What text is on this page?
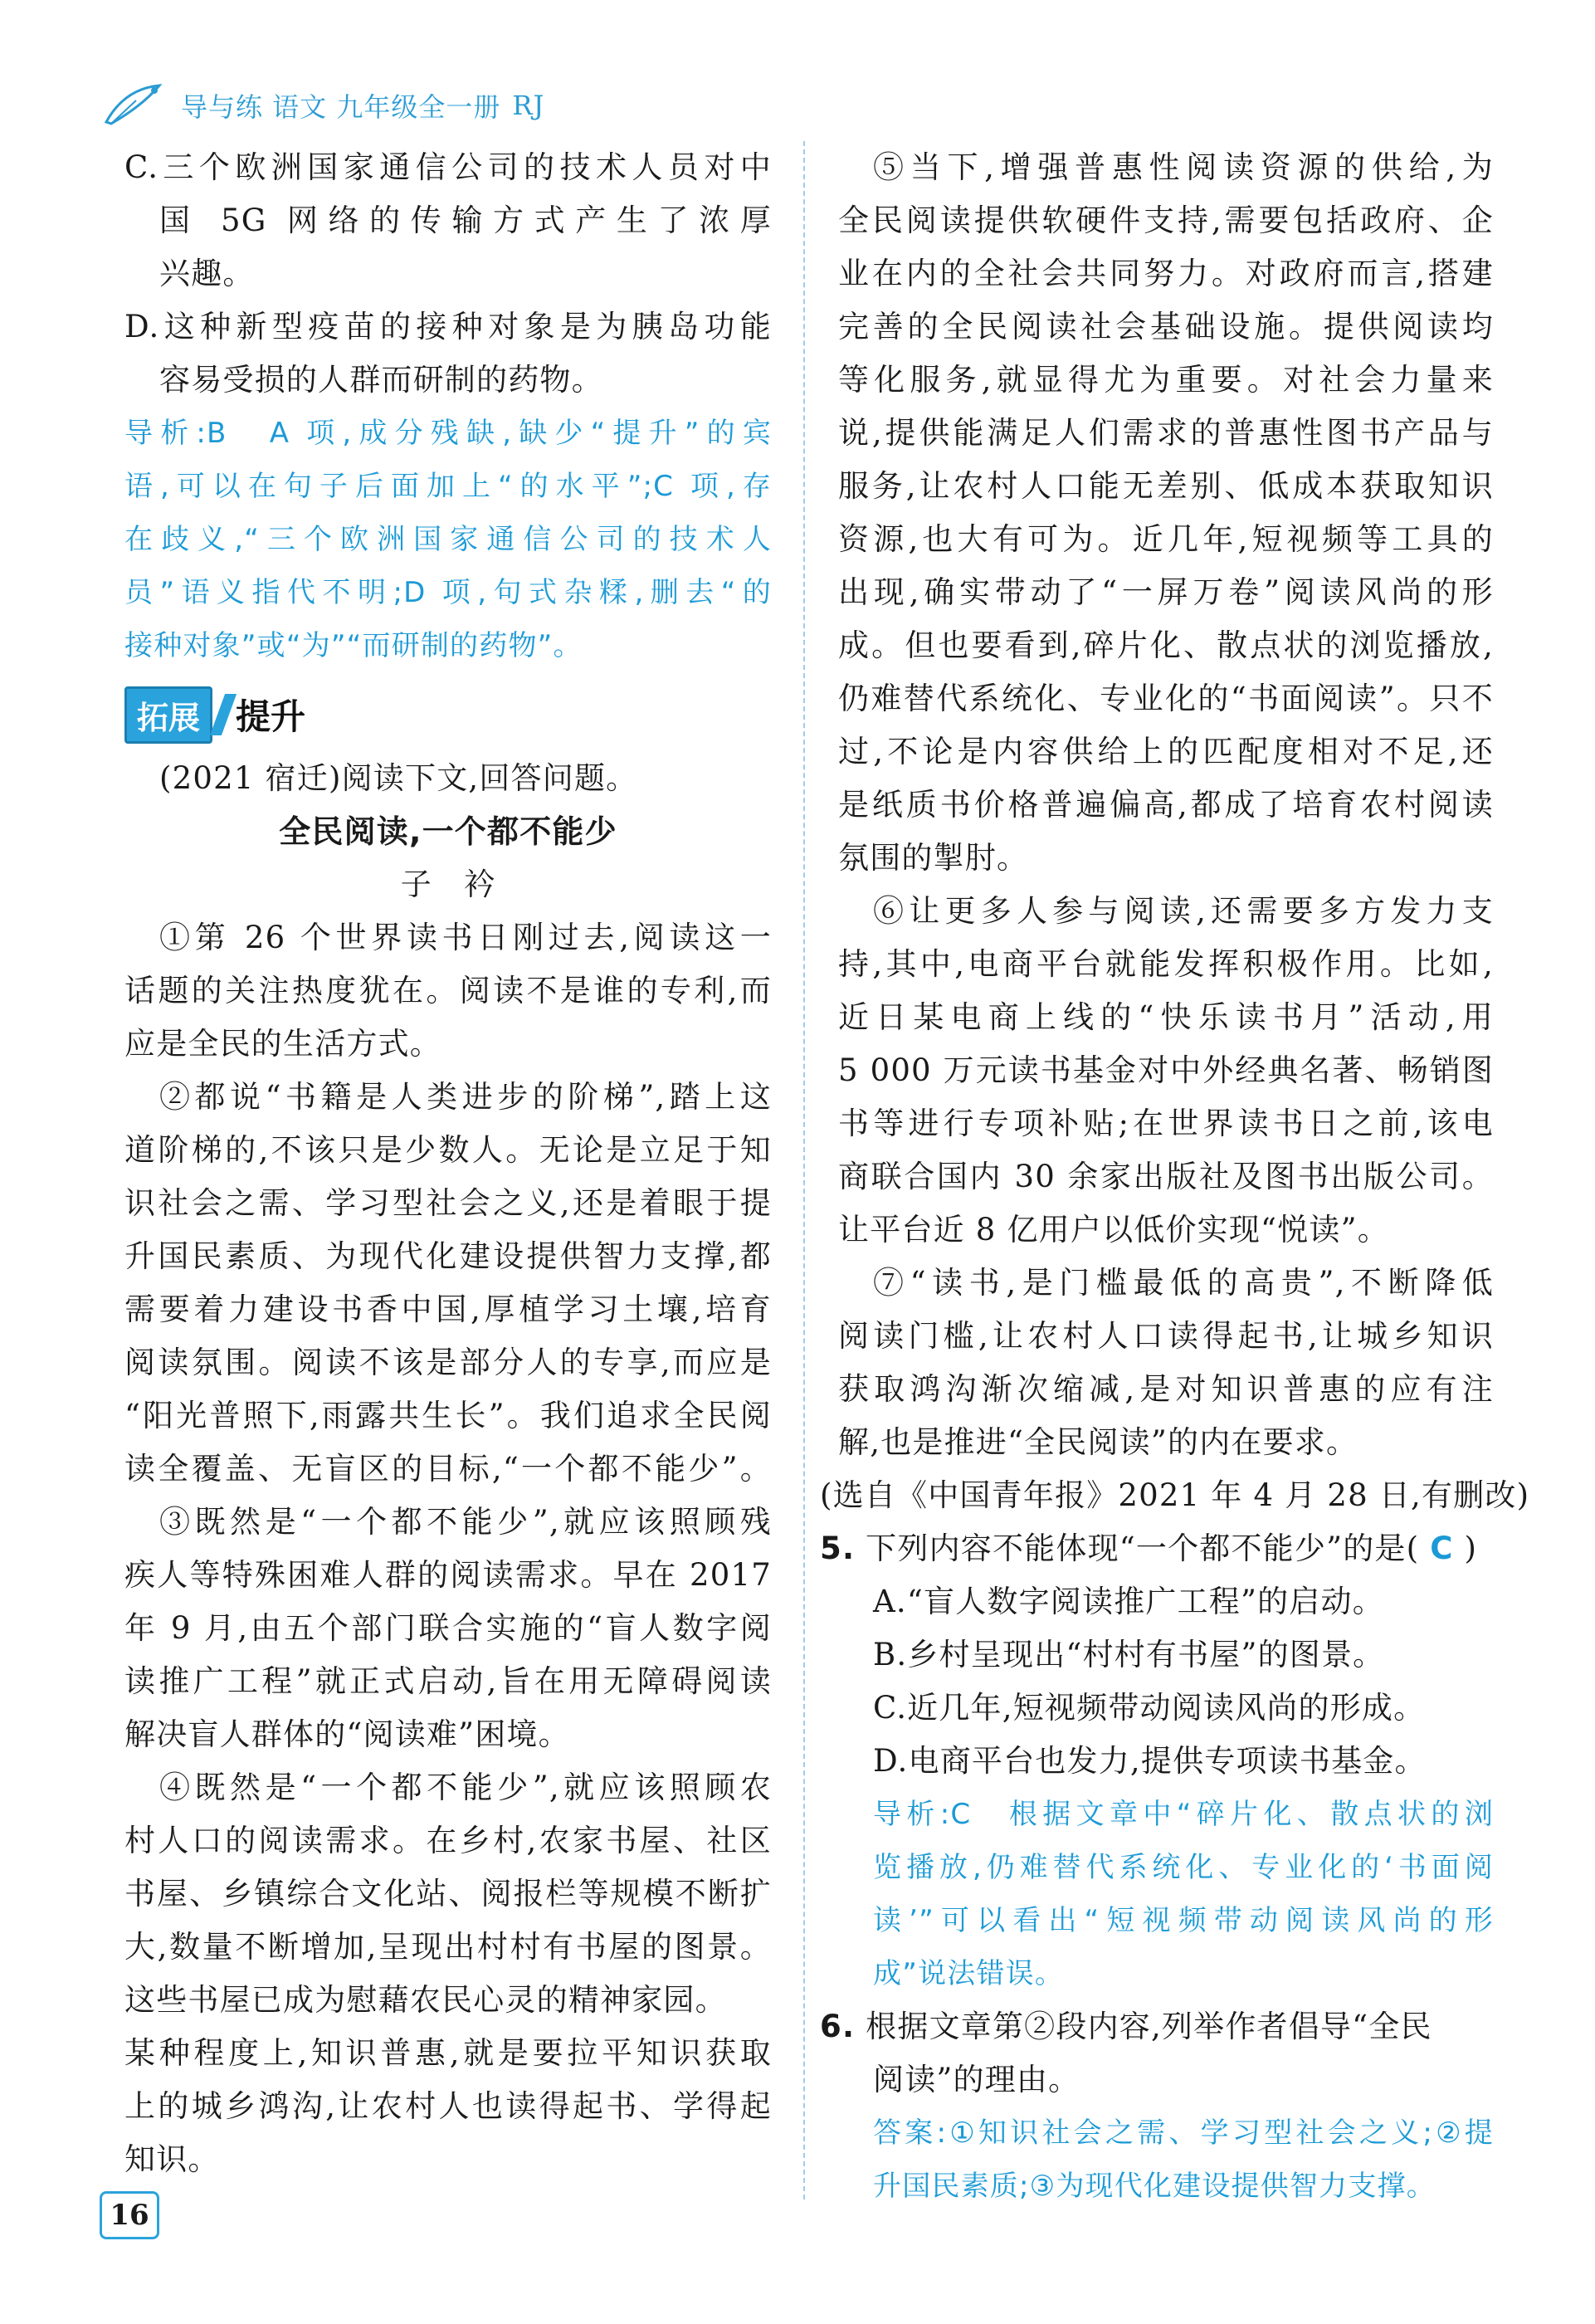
导与练 语文 九年级全一册 RJ
C.三个欧洲国家通信公司的技术人员对中
国 5G 网络的传输方式产生了浓厚
兴趣。
D.这种新型疫苗的接种对象是为胰岛功能
容易受损的人群而研制的药物。
导析:B　A 项,成分残缺,缺少“提升”的宾
语,可以在句子后面加上“的水平”;C 项,存
在歧义,“三个欧洲国家通信公司的技术人
员”语义指代不明;D 项,句式杂糅,删去“的
接种对象”或“为”“而研制的药物”。
拓展	提升
(2021 宿迁)阅读下文,回答问题。
全民阅读,一个都不能少
子　衿
①第 26 个世界读书日刚过去,阅读这一
话题的关注热度犹在。阅读不是谁的专利,而
应是全民的生活方式。
②都说“书籍是人类进步的阶梯”,踏上这
道阶梯的,不该只是少数人。无论是立足于知
识社会之需、学习型社会之义,还是着眼于提
升国民素质、为现代化建设提供智力支撑,都
需要着力建设书香中国,厚植学习土壤,培育
阅读氛围。阅读不该是部分人的专享,而应是
“阳光普照下,雨露共生长”。我们追求全民阅
读全覆盖、无盲区的目标,“一个都不能少”。
③既然是“一个都不能少”,就应该照顾残
疾人等特殊困难人群的阅读需求。早在 2017
年 9 月,由五个部门联合实施的“盲人数字阅
读推广工程”就正式启动,旨在用无障碍阅读
解决盲人群体的“阅读难”困境。
④既然是“一个都不能少”,就应该照顾农
村人口的阅读需求。在乡村,农家书屋、社区
书屋、乡镇综合文化站、阅报栏等规模不断扩
大,数量不断增加,呈现出村村有书屋的图景。
这些书屋已成为慰藉农民心灵的精神家园。
某种程度上,知识普惠,就是要拉平知识获取
上的城乡鸿沟,让农村人也读得起书、学得起
知识。
⑤当下,增强普惠性阅读资源的供给,为
全民阅读提供软硬件支持,需要包括政府、企
业在内的全社会共同努力。对政府而言,搭建
完善的全民阅读社会基础设施。提供阅读均
等化服务,就显得尤为重要。对社会力量来
说,提供能满足人们需求的普惠性图书产品与
服务,让农村人口能无差别、低成本获取知识
资源,也大有可为。近几年,短视频等工具的
出现,确实带动了“一屏万卷”阅读风尚的形
成。但也要看到,碎片化、散点状的浏览播放,
仍难替代系统化、专业化的“书面阅读”。只不
过,不论是内容供给上的匹配度相对不足,还
是纸质书价格普遍偏高,都成了培育农村阅读
氛围的掣肘。
⑥让更多人参与阅读,还需要多方发力支
持,其中,电商平台就能发挥积极作用。比如,
近日某电商上线的“快乐读书月”活动,用
5 000 万元读书基金对中外经典名著、畅销图
书等进行专项补贴;在世界读书日之前,该电
商联合国内 30 余家出版社及图书出版公司。
让平台近 8 亿用户以低价实现“悦读”。
⑦“读书,是门槛最低的高贵”,不断降低
阅读门槛,让农村人口读得起书,让城乡知识
获取鸿沟渐次缩减,是对知识普惠的应有注
解,也是推进“全民阅读”的内在要求。
(选自《中国青年报》2021 年 4 月 28 日,有删改)
5. 下列内容不能体现“一个都不能少”的是( C )
A.“盲人数字阅读推广工程”的启动。
B.乡村呈现出“村村有书屋”的图景。
C.近几年,短视频带动阅读风尚的形成。
D.电商平台也发力,提供专项读书基金。
导析:C　根据文章中“碎片化、散点状的浏
览播放,仍难替代系统化、专业化的‘书面阅
读’”可以看出“短视频带动阅读风尚的形
成”说法错误。
6. 根据文章第②段内容,列举作者倡导“全民
阅读”的理由。
答案:①知识社会之需、学习型社会之义;②提
升国民素质;③为现代化建设提供智力支撑。
16
